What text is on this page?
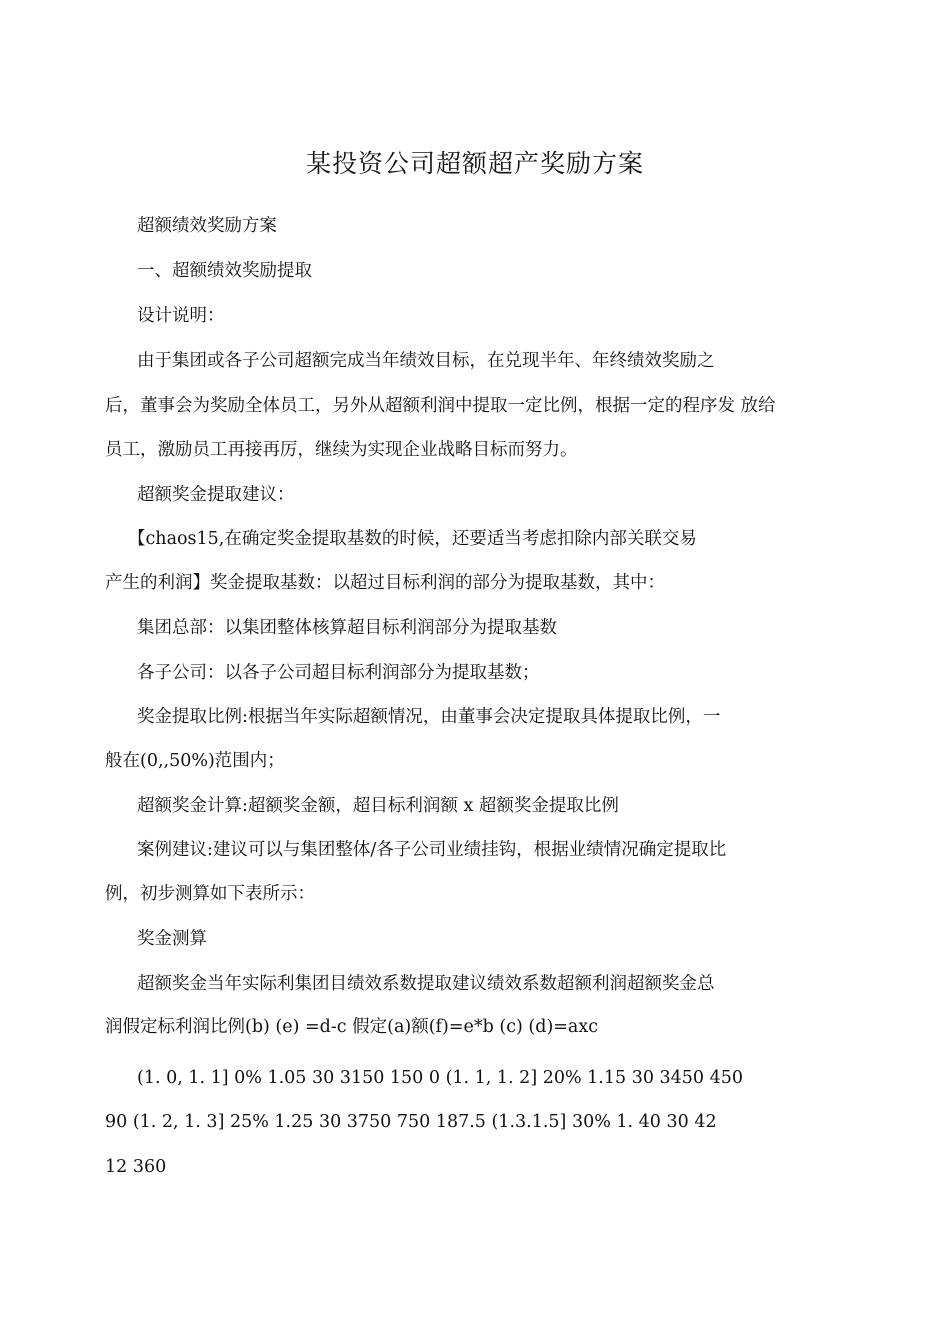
某投资公司超额超产奖励方案

超额绩效奖励方案

一、超额绩效奖励提取

设计说明：

由于集团或各子公司超额完成当年绩效目标，在兑现半年、年终绩效奖励之

后，董事会为奖励全体员工，另外从超额利润中提取一定比例，根据一定的程序发 放给

员工，激励员工再接再厉，继续为实现企业战略目标而努力。

超额奖金提取建议：

【chaos15,在确定奖金提取基数的时候，还要适当考虑扣除内部关联交易

产生的利润】奖金提取基数：以超过目标利润的部分为提取基数，其中：

集团总部：以集团整体核算超目标利润部分为提取基数

各子公司：以各子公司超目标利润部分为提取基数；

奖金提取比例:根据当年实际超额情况，由董事会决定提取具体提取比例，一

般在(0,,50%)范围内；

超额奖金计算:超额奖金额，超目标利润额 x 超额奖金提取比例

案例建议:建议可以与集团整体/各子公司业绩挂钩，根据业绩情况确定提取比

例，初步测算如下表所示：

奖金测算

超额奖金当年实际利集团目绩效系数提取建议绩效系数超额利润超额奖金总

润假定标利润比例(b) (e) =d-c 假定(a)额(f)=e*b (c) (d)=axc

(1. 0, 1. 1] 0% 1.05 30 3150 150 0 (1. 1, 1. 2] 20% 1.15 30 3450 450

90 (1. 2, 1. 3] 25% 1.25 30 3750 750 187.5 (1.3.1.5] 30% 1. 40 30 42

12 360
